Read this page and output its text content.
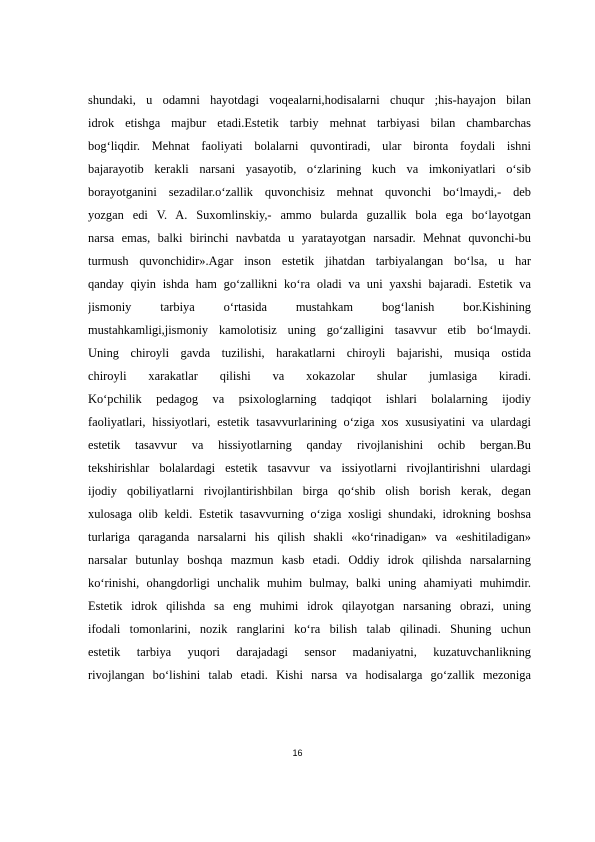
shundaki, u odamni hayotdagi voqealarni,hodisalarni chuqur ;his-hayajon bilan
idrok etishga majbur etadi.Estetik tarbiy mehnat tarbiyasi bilan chambarchas
bog‘liqdir. Mehnat faoliyati bolalarni quvontiradi, ular bironta foydali ishni
bajarayotib kerakli narsani yasayotib, o‘zlarining kuch va imkoniyatlari o‘sib
borayotganini sezadilar.o‘zallik quvonchisiz mehnat quvonchi bo‘lmaydi,- deb
yozgan edi V. A. Suxomlinskiy,- ammo bularda guzallik bola ega bo‘layotgan
narsa emas, balki birinchi navbatda u yaratayotgan narsadir. Mehnat quvonchi-bu
turmush quvonchidir».Agar inson estetik jihatdan tarbiyalangan bo‘lsa, u har
qanday qiyin ishda ham go‘zallikni ko‘ra oladi va uni yaxshi bajaradi. Estetik va
jismoniy tarbiya o‘rtasida mustahkam bog‘lanish bor.Kishining
mustahkamligi,jismoniy kamolotisiz uning go‘zalligini tasavvur etib bo‘lmaydi.
Uning chiroyli gavda tuzilishi, harakatlarni chiroyli bajarishi, musiqa ostida
chiroyli xarakatlar qilishi va xokazolar shular jumlasiga kiradi.
Ko‘pchilik pedagog va psixologlarning tadqiqot ishlari bolalarning ijodiy
faoliyatlari, hissiyotlari, estetik tasavvurlarining o‘ziga xos xususiyatini va ulardagi
estetik tasavvur va hissiyotlarning qanday rivojlanishini ochib bergan.Bu
tekshirishlar bolalardagi estetik tasavvur va issiyotlarni rivojlantirishni ulardagi
ijodiy qobiliyatlarni rivojlantirishbilan birga qo‘shib olish borish kerak, degan
xulosaga olib keldi. Estetik tasavvurning o‘ziga xosligi shundaki, idrokning boshsa
turlariga qaraganda narsalarni his qilish shakli «ko‘rinadigan» va «eshitiladigan»
narsalar butunlay boshqa mazmun kasb etadi. Oddiy idrok qilishda narsalarning
ko‘rinishi, ohangdorligi unchalik muhim bulmay, balki uning ahamiyati muhimdir.
Estetik idrok qilishda sa eng muhimi idrok qilayotgan narsaning obrazi, uning
ifodali tomonlarini, nozik ranglarini ko‘ra bilish talab qilinadi. Shuning uchun
estetik tarbiya yuqori darajadagi sensor madaniyatni, kuzatuvchanlikning
rivojlangan bo‘lishini talab etadi. Kishi narsa va hodisalarga go‘zallik mezoniga
16
